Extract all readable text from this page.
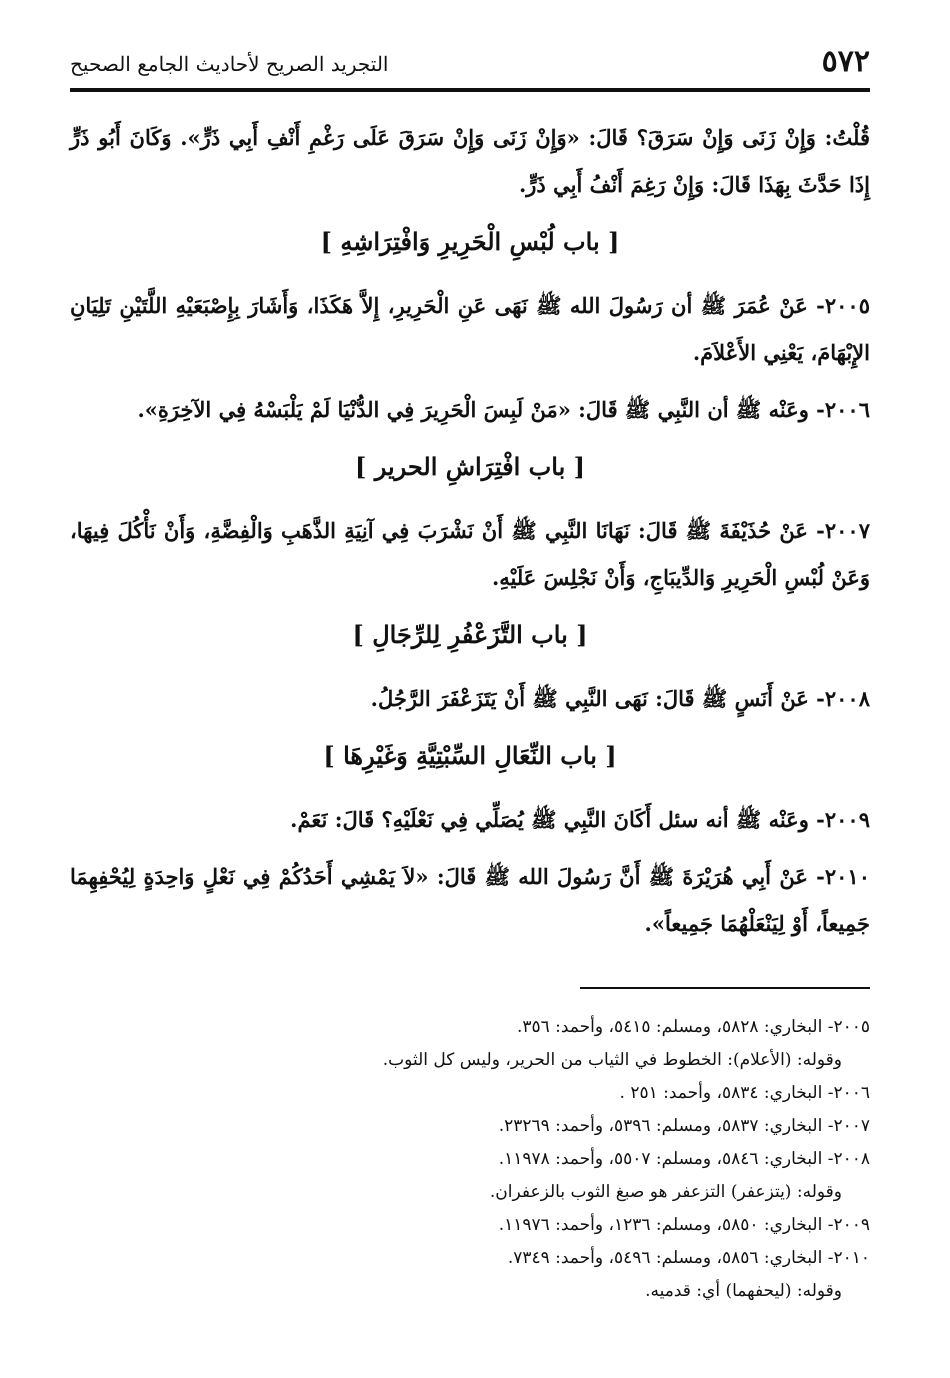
٥٧٢
التجريد الصريح لأحاديث الجامع الصحيح

قُلْتُ: وَإِنْ زَنَى وَإِنْ سَرَقَ؟ قَالَ: «وَإِنْ زَنَى وَإِنْ سَرَقَ عَلَى رَغْمِ أَنْفِ أَبِي ذَرٍّ». وَكَانَ أَبُو ذَرٍّ إِذَا حَدَّثَ بِهَذَا قَالَ: وَإِنْ رَغِمَ أَنْفُ أَبِي ذَرٍّ.

[ باب لُبْسِ الْحَرِيرِ وَافْتِرَاشِهِ ]

٢٠٠٥- عَنْ عُمَرَ ﷺ أن رَسُولَ الله ﷺ نَهَى عَنِ الْحَرِيرِ، إِلاَّ هَكَذَا، وَأَشَارَ بِإِصْبَعَيْهِ اللَّتَيْنِ تَلِيَانِ الإِبْهَامَ، يَعْنِي الأَعْلاَمَ.

٢٠٠٦- وعَنْه ﷺ أن النَّبِي ﷺ قَالَ: «مَنْ لَبِسَ الْحَرِيرَ فِي الدُّنْيَا لَمْ يَلْبَسْهُ فِي الآخِرَةِ».

[ باب افْتِرَاشِ الحرير ]

٢٠٠٧- عَنْ حُذَيْفَةَ ﷺ قَالَ: نَهَانَا النَّبِي ﷺ أَنْ نَشْرَبَ فِي آنِيَةِ الذَّهَبِ وَالْفِضَّةِ، وَأَنْ نَأْكُلَ فِيهَا، وَعَنْ لُبْسِ الْحَرِيرِ وَالدِّيبَاجِ، وَأَنْ نَجْلِسَ عَلَيْهِ.

[ باب التَّزَعْفُرِ لِلرِّجَالِ ]

٢٠٠٨- عَنْ أَنَسٍ ﷺ قَالَ: نَهَى النَّبِي ﷺ أَنْ يَتَزَعْفَرَ الرَّجُلُ.

[ باب النِّعَالِ السِّبْتِيَّةِ وَغَيْرِهَا ]

٢٠٠٩- وعَنْه ﷺ أنه سئل أَكَانَ النَّبِي ﷺ يُصَلِّي فِي نَعْلَيْهِ؟ قَالَ: نَعَمْ.

٢٠١٠- عَنْ أَبِي هُرَيْرَةَ ﷺ أَنَّ رَسُولَ الله ﷺ قَالَ: «لاَ يَمْشِي أَحَدُكُمْ فِي نَعْلٍ وَاحِدَةٍ لِيُحْفِهِمَا جَمِيعاً، أَوْ لِيَنْعَلْهُمَا جَمِيعاً».

٢٠٠٥- البخاري: ٥٨٢٨، ومسلم: ٥٤١٥، وأحمد: ٣٥٦.

وقوله: (الأعلام): الخطوط في الثياب من الحرير، وليس كل الثوب.

٢٠٠٦- البخاري: ٥٨٣٤، وأحمد: ٢٥١ .

٢٠٠٧- البخاري: ٥٨٣٧، ومسلم: ٥٣٩٦، وأحمد: ٢٣٢٦٩.

٢٠٠٨- البخاري: ٥٨٤٦، ومسلم: ٥٥٠٧، وأحمد: ١١٩٧٨.

وقوله: (يتزعفر) التزعفر هو صبغ الثوب بالزعفران.

٢٠٠٩- البخاري: ٥٨٥٠، ومسلم: ١٢٣٦، وأحمد: ١١٩٧٦.

٢٠١٠- البخاري: ٥٨٥٦، ومسلم: ٥٤٩٦، وأحمد: ٧٣٤٩.

وقوله: (ليحفهما) أي: قدميه.
